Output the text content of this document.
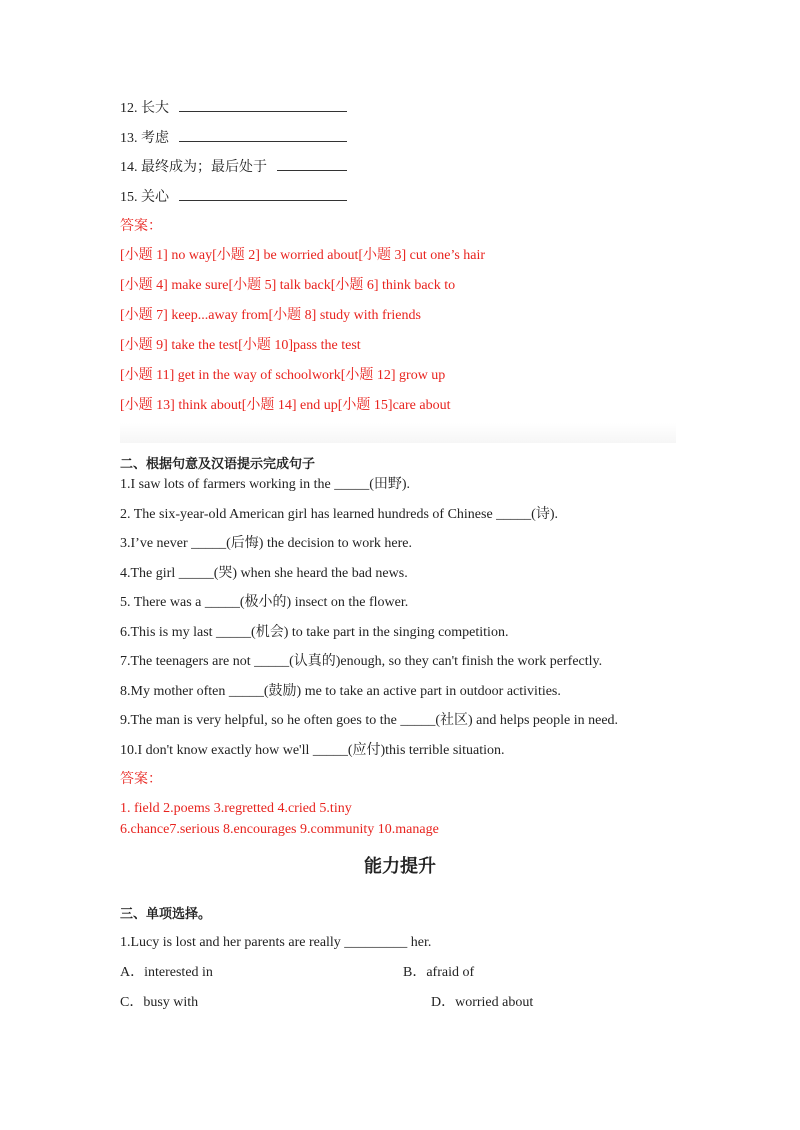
12. 长大
13. 考虑
14. 最终成为；最后处于
15. 关心
答案：
[小题 1] no way[小题 2] be worried about[小题 3] cut one’s hair
[小题 4] make sure[小题 5] talk back[小题 6] think back to
[小题 7] keep...away from[小题 8] study with friends
[小题 9] take the test[小题 10]pass the test
[小题 11] get in the way of schoolwork[小题 12] grow up
[小题 13] think about[小题 14] end up[小题 15]care about
二、根据句意及汉语提示完成句子
1.I saw lots of farmers working in the _____(田野).
2. The six-year-old American girl has learned hundreds of Chinese _____(诗).
3.I’ve never _____(后悔) the decision to work here.
4.The girl _____(哭) when she heard the bad news.
5. There was a _____(极小的) insect on the flower.
6.This is my last _____(机会) to take part in the singing competition.
7.The teenagers are not _____(认真的)enough, so they can't finish the work perfectly.
8.My mother often _____(鼓励) me to take an active part in outdoor activities.
9.The man is very helpful, so he often goes to the _____(社区) and helps people in need.
10.I don't know exactly how we'll _____(应付)this terrible situation.
答案：
1. field 2.poems 3.regretted 4.cried 5.tiny
6.chance7.serious 8.encourages 9.community 10.manage
能力提升
三、单项选择。
1.Lucy is lost and her parents are really _________ her.
A．interested in	B．afraid of
C．busy with	D．worried about
